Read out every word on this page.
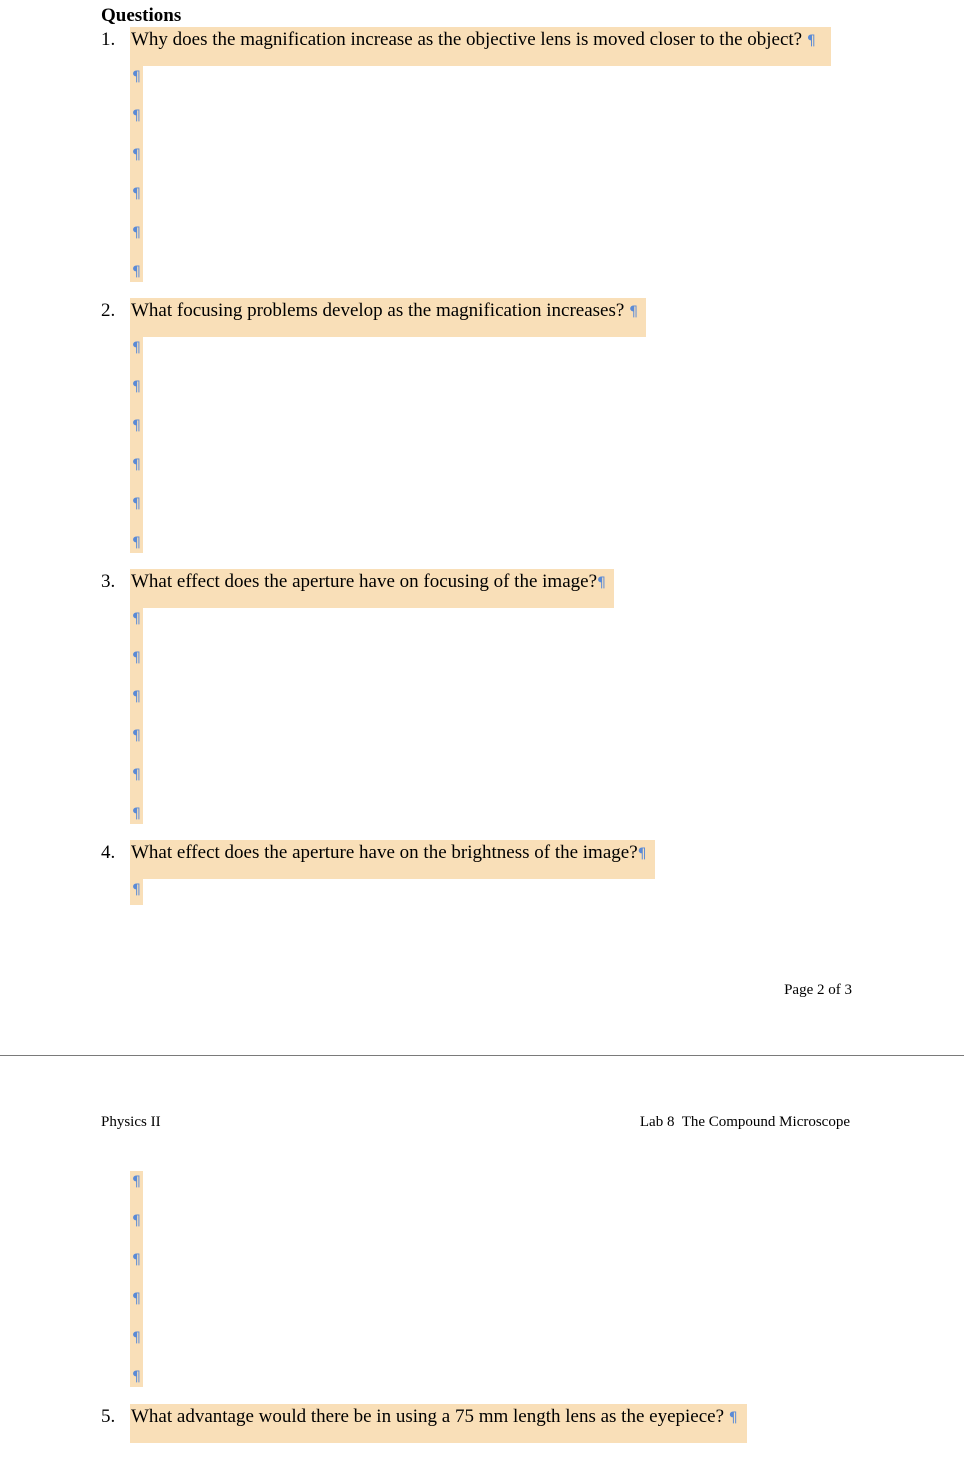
Questions
1. Why does the magnification increase as the objective lens is moved closer to the object? ¶
¶
¶
¶
¶
¶
¶
2. What focusing problems develop as the magnification increases? ¶
¶
¶
¶
¶
¶
¶
3. What effect does the aperture have on focusing of the image?¶
¶
¶
¶
¶
¶
¶
4. What effect does the aperture have on the brightness of the image?¶
¶
Page 2 of 3
Physics II	Lab 8  The Compound Microscope
¶
¶
¶
¶
¶
¶
5. What advantage would there be in using a 75 mm length lens as the eyepiece? ¶
